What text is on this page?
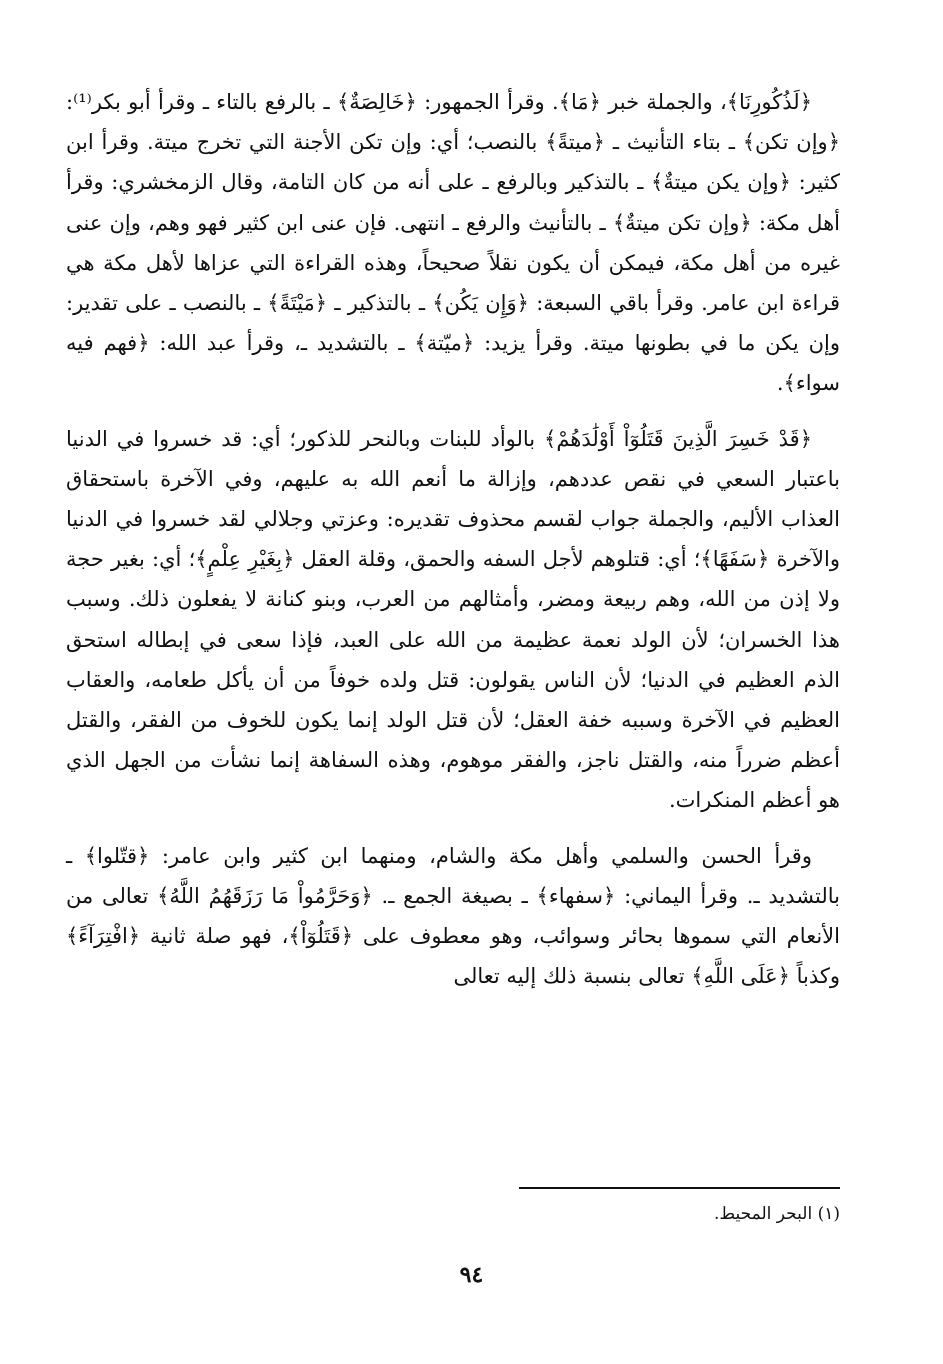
﴿لَذُكُورِنَا﴾، والجملة خبر ﴿مَا﴾. وقرأ الجمهور: ﴿خَالِصَةٌ﴾ ـ بالرفع بالتاء ـ وقرأ أبو بكر⁽¹⁾: ﴿وإن تكن﴾ ـ بتاء التأنيث ـ ﴿ميتةً﴾ بالنصب؛ أي: وإن تكن الأجنة التي تخرج ميتة. وقرأ ابن كثير: ﴿وإن يكن ميتةٌ﴾ ـ بالتذكير وبالرفع ـ على أنه من كان التامة، وقال الزمخشري: وقرأ أهل مكة: ﴿وإن تكن ميتةٌ﴾ ـ بالتأنيث والرفع ـ انتهى. فإن عنى ابن كثير فهو وهم، وإن عنى غيره من أهل مكة، فيمكن أن يكون نقلاً صحيحاً، وهذه القراءة التي عزاها لأهل مكة هي قراءة ابن عامر. وقرأ باقي السبعة: ﴿وَإِن يَكُن﴾ ـ بالتذكير ـ ﴿مَيْتَةً﴾ ـ بالنصب ـ على تقدير: وإن يكن ما في بطونها ميتة. وقرأ يزيد: ﴿ميّتة﴾ ـ بالتشديد ـ، وقرأ عبد الله: ﴿فهم فيه سواء﴾.

﴿قَدْ خَسِرَ الَّذِينَ قَتَلُوٓاْ أَوْلَٰدَهُمْ﴾ بالوأد للبنات وبالنحر للذكور؛ أي: قد خسروا في الدنيا باعتبار السعي في نقص عددهم، وإزالة ما أنعم الله به عليهم، وفي الآخرة باستحقاق العذاب الأليم، والجملة جواب لقسم محذوف تقديره: وعزتي وجلالي لقد خسروا في الدنيا والآخرة ﴿سَفَهًا﴾؛ أي: قتلوهم لأجل السفه والحمق، وقلة العقل ﴿بِغَيْرِ عِلْمٍ﴾؛ أي: بغير حجة ولا إذن من الله، وهم ربيعة ومضر، وأمثالهم من العرب، وبنو كنانة لا يفعلون ذلك. وسبب هذا الخسران؛ لأن الولد نعمة عظيمة من الله على العبد، فإذا سعى في إبطاله استحق الذم العظيم في الدنيا؛ لأن الناس يقولون: قتل ولده خوفاً من أن يأكل طعامه، والعقاب العظيم في الآخرة وسببه خفة العقل؛ لأن قتل الولد إنما يكون للخوف من الفقر، والقتل أعظم ضرراً منه، والقتل ناجز، والفقر موهوم، وهذه السفاهة إنما نشأت من الجهل الذي هو أعظم المنكرات.

وقرأ الحسن والسلمي وأهل مكة والشام، ومنهما ابن كثير وابن عامر: ﴿قتّلوا﴾ ـ بالتشديد ـ. وقرأ اليماني: ﴿سفهاء﴾ ـ بصيغة الجمع ـ. ﴿وَحَرَّمُواْ مَا رَزَقَهُمُ اللَّهُ﴾ تعالى من الأنعام التي سموها بحائر وسوائب، وهو معطوف على ﴿قَتَلُوٓاْ﴾، فهو صلة ثانية ﴿افْتِرَآءً﴾ وكذباً ﴿عَلَى اللَّهِ﴾ تعالى بنسبة ذلك إليه تعالى

(١) البحر المحيط.
٩٤
